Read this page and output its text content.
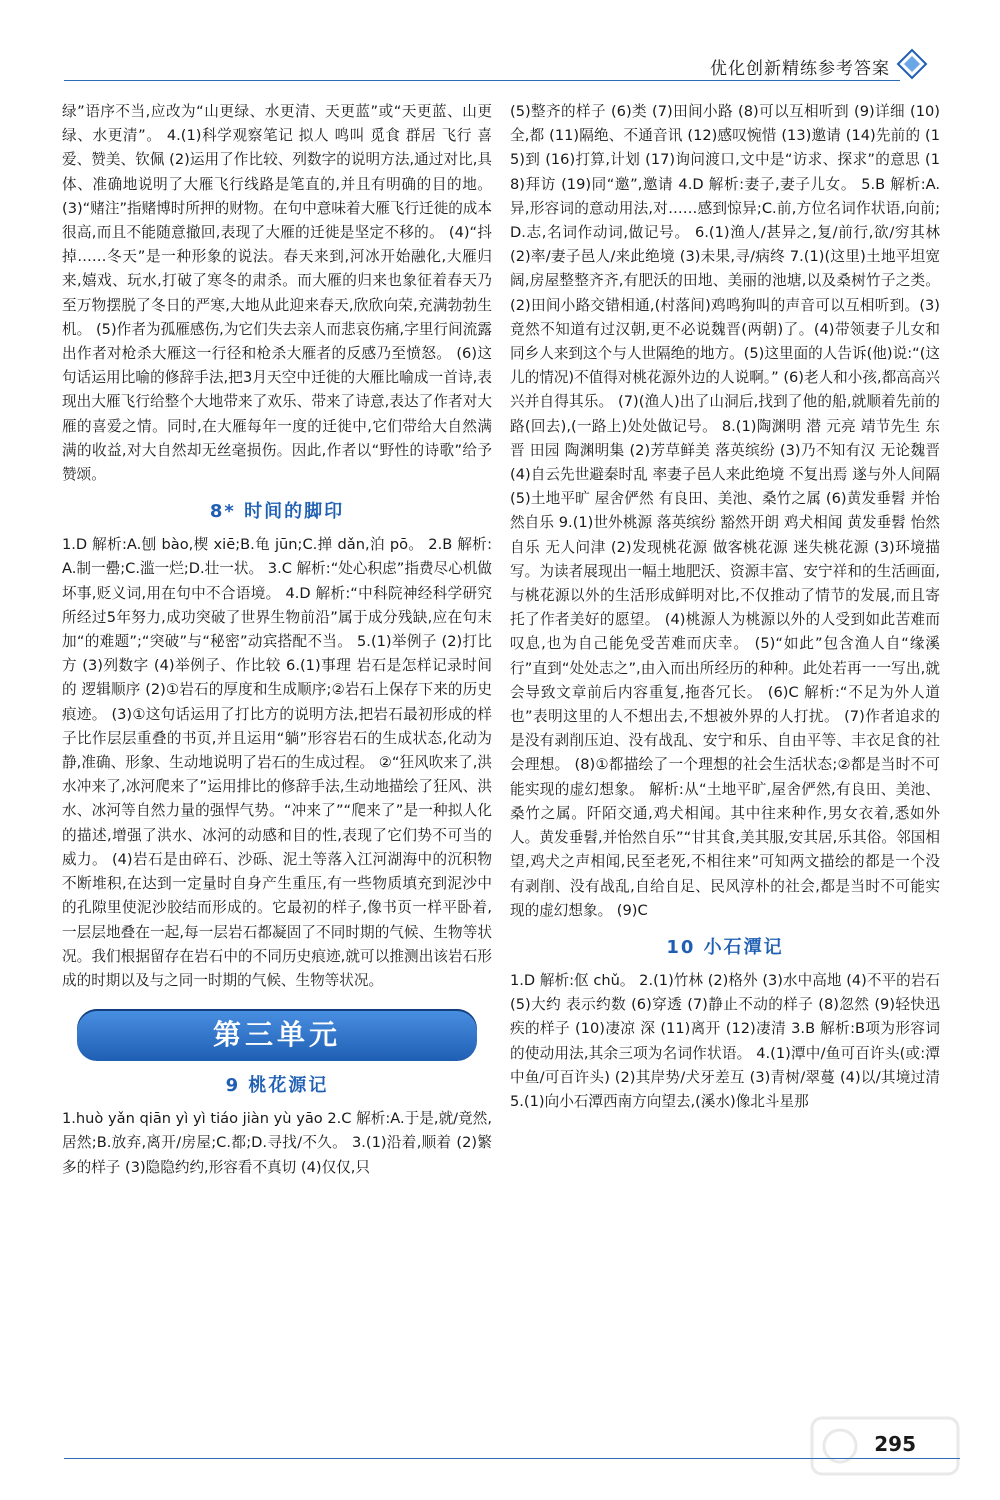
优化创新精练参考答案

绿”语序不当,应改为“山更绿、水更清、天更蓝”或“天更蓝、山更绿、水更清”。 4.(1)科学观察笔记 拟人 鸣叫 觅食 群居 飞行 喜爱、赞美、钦佩 (2)运用了作比较、列数字的说明方法,通过对比,具体、准确地说明了大雁飞行线路是笔直的,并且有明确的目的地。(3)“赌注”指赌博时所押的财物。在句中意味着大雁飞行迁徙的成本很高,而且不能随意撤回,表现了大雁的迁徙是坚定不移的。 (4)“抖掉……冬天”是一种形象的说法。春天来到,河冰开始融化,大雁归来,嬉戏、玩水,打破了寒冬的肃杀。而大雁的归来也象征着春天乃至万物摆脱了冬日的严寒,大地从此迎来春天,欣欣向荣,充满勃勃生机。 (5)作者为孤雁感伤,为它们失去亲人而悲哀伤痛,字里行间流露出作者对枪杀大雁这一行径和枪杀大雁者的反感乃至愤怒。 (6)这句话运用比喻的修辞手法,把3月天空中迁徙的大雁比喻成一首诗,表现出大雁飞行给整个大地带来了欢乐、带来了诗意,表达了作者对大雁的喜爱之情。同时,在大雁每年一度的迁徙中,它们带给大自然满满的收益,对大自然却无丝毫损伤。因此,作者以“野性的诗歌”给予赞颂。

8* 时间的脚印

1.D 解析:A.刨 bào,楔 xiē;B.龟 jūn;C.掸 dǎn,泊 pō。 2.B 解析:A.制一罍;C.滥一烂;D.壮一状。 3.C 解析:“处心积虑”指费尽心机做坏事,贬义词,用在句中不合语境。 4.D 解析:“中科院神经科学研究所经过5年努力,成功突破了世界生物前沿”属于成分残缺,应在句末加“的难题”;“突破”与“秘密”动宾搭配不当。 5.(1)举例子 (2)打比方 (3)列数字 (4)举例子、作比较 6.(1)事理 岩石是怎样记录时间的 逻辑顺序 (2)①岩石的厚度和生成顺序;②岩石上保存下来的历史痕迹。 (3)①这句话运用了打比方的说明方法,把岩石最初形成的样子比作层层重叠的书页,并且运用“躺”形容岩石的生成状态,化动为静,准确、形象、生动地说明了岩石的生成过程。 ②“狂风吹来了,洪水冲来了,冰河爬来了”运用排比的修辞手法,生动地描绘了狂风、洪水、冰河等自然力量的强悍气势。“冲来了”“爬来了”是一种拟人化的描述,增强了洪水、冰河的动感和目的性,表现了它们势不可当的威力。 (4)岩石是由碎石、沙砾、泥土等落入江河湖海中的沉积物不断堆积,在达到一定量时自身产生重压,有一些物质填充到泥沙中的孔隙里使泥沙胶结而形成的。它最初的样子,像书页一样平卧着,一层层地叠在一起,每一层岩石都凝固了不同时期的气候、生物等状况。我们根据留存在岩石中的不同历史痕迹,就可以推测出该岩石形成的时期以及与之同一时期的气候、生物等状况。

第三单元
9 桃花源记

1.huò yǎn qiān yì yì tiáo jiàn yù yāo 2.C 解析:A.于是,就/竟然,居然;B.放弃,离开/房屋;C.都;D.寻找/不久。 3.(1)沿着,顺着 (2)繁多的样子 (3)隐隐约约,形容看不真切 (4)仅仅,只

(5)整齐的样子 (6)类 (7)田间小路 (8)可以互相听到 (9)详细 (10)全,都 (11)隔绝、不通音讯 (12)感叹惋惜 (13)邀请 (14)先前的 (15)到 (16)打算,计划 (17)询问渡口,文中是“访求、探求”的意思 (18)拜访 (19)同“邀”,邀请 4.D 解析:妻子,妻子儿女。 5.B 解析:A.异,形容词的意动用法,对……感到惊异;C.前,方位名词作状语,向前;D.志,名词作动词,做记号。 6.(1)渔人/甚异之,复/前行,欲/穷其林 (2)率/妻子邑人/来此绝境 (3)未果,寻/病终 7.(1)(这里)土地平坦宽阔,房屋整整齐齐,有肥沃的田地、美丽的池塘,以及桑树竹子之类。 (2)田间小路交错相通,(村落间)鸡鸣狗叫的声音可以互相听到。(3)竟然不知道有过汉朝,更不必说魏晋(两朝)了。(4)带领妻子儿女和同乡人来到这个与人世隔绝的地方。(5)这里面的人告诉(他)说:“(这儿的情况)不值得对桃花源外边的人说啊。” (6)老人和小孩,都高高兴兴并自得其乐。 (7)(渔人)出了山洞后,找到了他的船,就顺着先前的路(回去),(一路上)处处做记号。 8.(1)陶渊明 潜 元亮 靖节先生 东晋 田园 陶渊明集 (2)芳草鲜美 落英缤纷 (3)乃不知有汉 无论魏晋 (4)自云先世避秦时乱 率妻子邑人来此绝境 不复出焉 遂与外人间隔 (5)土地平旷 屋舍俨然 有良田、美池、桑竹之属 (6)黄发垂髫 并怡然自乐 9.(1)世外桃源 落英缤纷 豁然开朗 鸡犬相闻 黄发垂髫 怡然自乐 无人问津 (2)发现桃花源 做客桃花源 迷失桃花源 (3)环境描写。为读者展现出一幅土地肥沃、资源丰富、安宁祥和的生活画面,与桃花源以外的生活形成鲜明对比,不仅推动了情节的发展,而且寄托了作者美好的愿望。 (4)桃源人为桃源以外的人受到如此苦难而叹息,也为自己能免受苦难而庆幸。 (5)“如此”包含渔人自“缘溪行”直到“处处志之”,由入而出所经历的种种。此处若再一一写出,就会导致文章前后内容重复,拖沓冗长。 (6)C 解析:“不足为外人道也”表明这里的人不想出去,不想被外界的人打扰。 (7)作者追求的是没有剥削压迫、没有战乱、安宁和乐、自由平等、丰衣足食的社会理想。 (8)①都描绘了一个理想的社会生活状态;②都是当时不可能实现的虚幻想象。 解析:从“土地平旷,屋舍俨然,有良田、美池、桑竹之属。阡陌交通,鸡犬相闻。其中往来种作,男女衣着,悉如外人。黄发垂髫,并怡然自乐”“甘其食,美其服,安其居,乐其俗。邻国相望,鸡犬之声相闻,民至老死,不相往来”可知两文描绘的都是一个没有剥削、没有战乱,自给自足、民风淳朴的社会,都是当时不可能实现的虚幻想象。 (9)C

10 小石潭记

1.D 解析:伛 chǔ。 2.(1)竹林 (2)格外 (3)水中高地 (4)不平的岩石 (5)大约 表示约数 (6)穿透 (7)静止不动的样子 (8)忽然 (9)轻快迅疾的样子 (10)凄凉 深 (11)离开 (12)凄清 3.B 解析:B项为形容词的使动用法,其余三项为名词作状语。 4.(1)潭中/鱼可百许头(或:潭中鱼/可百许头) (2)其岸势/犬牙差互 (3)青树/翠蔓 (4)以/其境过清 5.(1)向小石潭西南方向望去,(溪水)像北斗星那

295
